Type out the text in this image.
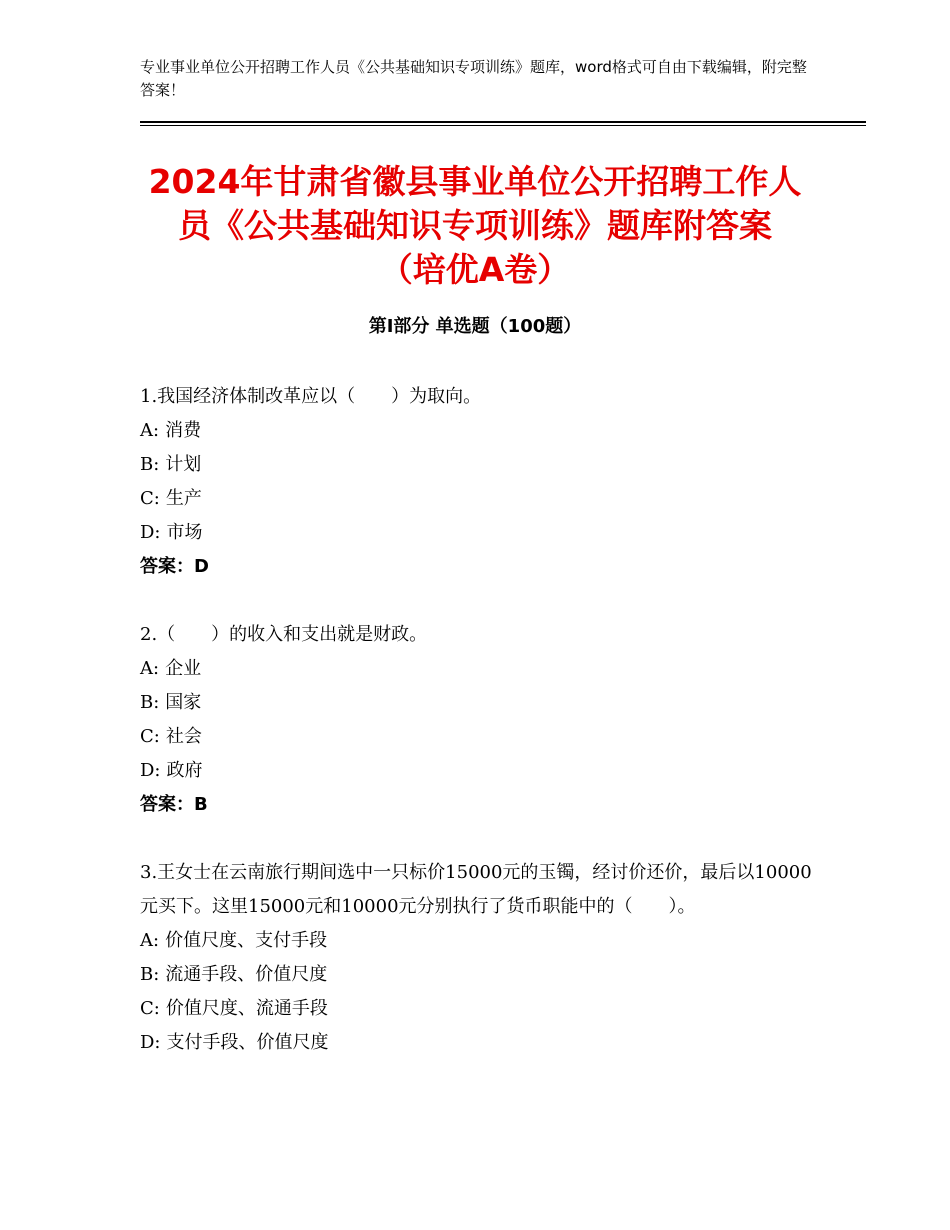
专业事业单位公开招聘工作人员《公共基础知识专项训练》题库，word格式可自由下载编辑，附完整答案！
2024年甘肃省徽县事业单位公开招聘工作人
员《公共基础知识专项训练》题库附答案
（培优A卷）
第Ⅰ部分 单选题（100题）
1.我国经济体制改革应以（　　）为取向。
A: 消费
B: 计划
C: 生产
D: 市场
答案：D
2.（　　）的收入和支出就是财政。
A: 企业
B: 国家
C: 社会
D: 政府
答案：B
3.王女士在云南旅行期间选中一只标价15000元的玉镯，经讨价还价，最后以10000元买下。这里15000元和10000元分别执行了货币职能中的（　　）。
A: 价值尺度、支付手段
B: 流通手段、价值尺度
C: 价值尺度、流通手段
D: 支付手段、价值尺度
